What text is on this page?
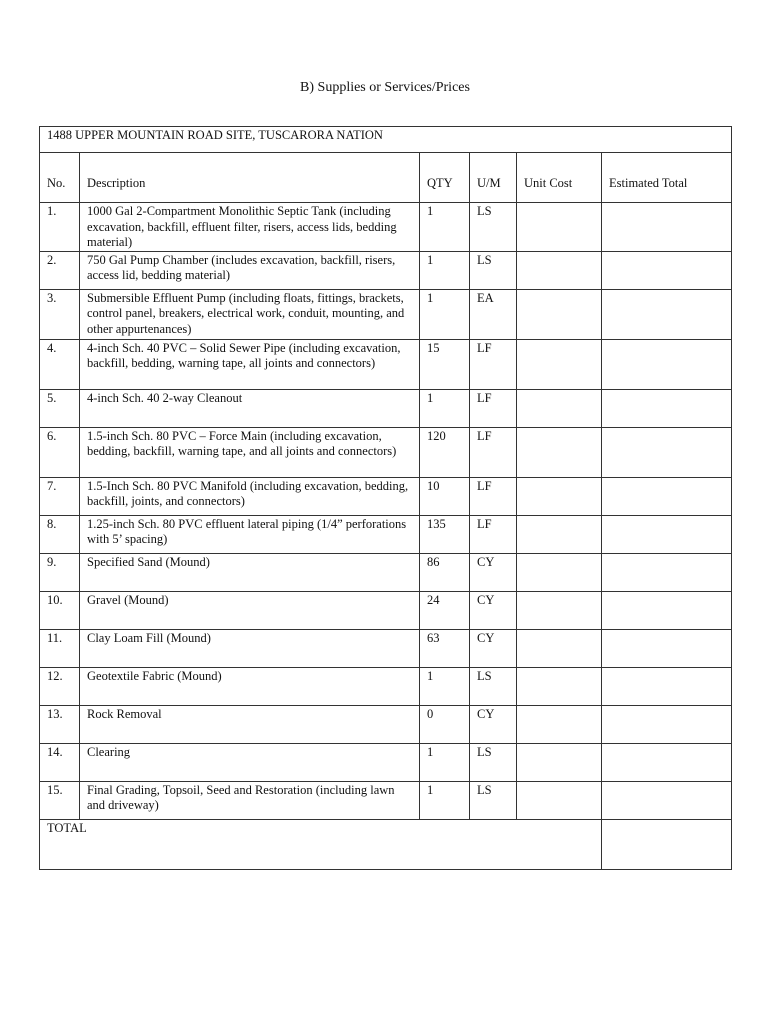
B) Supplies or Services/Prices
1488 UPPER MOUNTAIN ROAD SITE, TUSCARORA NATION					
No.	Description	QTY	U/M	Unit Cost	Estimated Total
1.	1000 Gal 2-Compartment Monolithic Septic Tank (including excavation, backfill, effluent filter, risers, access lids, bedding material)	1	LS		
2.	750 Gal Pump Chamber (includes excavation, backfill, risers, access lid, bedding material)	1	LS		
3.	Submersible Effluent Pump (including floats, fittings, brackets, control panel, breakers, electrical work, conduit, mounting, and other appurtenances)	1	EA		
4.	4-inch Sch. 40 PVC – Solid Sewer Pipe (including excavation, backfill, bedding, warning tape, all joints and connectors)	15	LF		
5.	4-inch Sch. 40 2-way Cleanout	1	LF		
6.	1.5-inch Sch. 80 PVC – Force Main (including excavation, bedding, backfill, warning tape, and all joints and connectors)	120	LF		
7.	1.5-Inch Sch. 80 PVC Manifold (including excavation, bedding, backfill, joints, and connectors)	10	LF		
8.	1.25-inch Sch. 80 PVC effluent lateral piping (1/4” perforations with 5’ spacing)	135	LF		
9.	Specified Sand (Mound)	86	CY		
10.	Gravel (Mound)	24	CY		
11.	Clay Loam Fill (Mound)	63	CY		
12.	Geotextile Fabric (Mound)	1	LS		
13.	Rock Removal	0	CY		
14.	Clearing	1	LS		
15.	Final Grading, Topsoil, Seed and Restoration (including lawn and driveway)	1	LS		
TOTAL					
